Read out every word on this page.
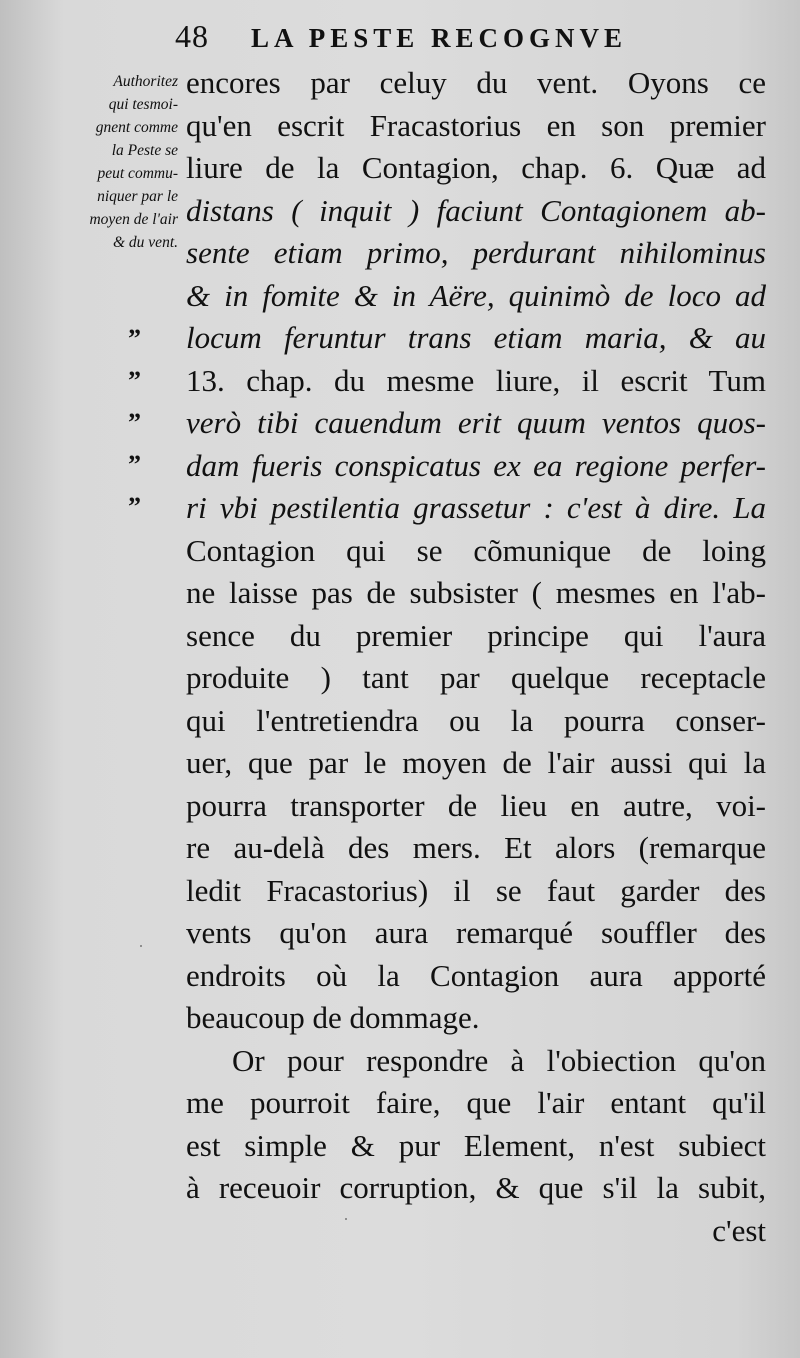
48 LA PESTE RECOGNVE
Authoritez
qui tesmoi-
gnent comme
la Peste se
peut commu-
niquer par le
moyen de l'air
& du vent.
”
”
”
”
”
encores par celuy du vent. Oyons ce
qu'en escrit Fracastorius en son premier
liure de la Contagion, chap. 6. Quæ ad
distans ( inquit ) faciunt Contagionem ab-
sente etiam primo, perdurant nihilominus
& in fomite & in Aëre, quinimò de loco ad
locum feruntur trans etiam maria, & au
13. chap. du mesme liure, il escrit Tum
verò tibi cauendum erit quum ventos quos-
dam fueris conspicatus ex ea regione perfer-
ri vbi pestilentia grassetur : c'est à dire. La
Contagion qui se cõmunique de loing
ne laisse pas de subsister ( mesmes en l'ab-
sence du premier principe qui l'aura
produite ) tant par quelque receptacle
qui l'entretiendra ou la pourra conser-
uer, que par le moyen de l'air aussi qui la
pourra transporter de lieu en autre, voi-
re au-delà des mers. Et alors (remarque
ledit Fracastorius) il se faut garder des
vents qu'on aura remarqué souffler des
endroits où la Contagion aura apporté
beaucoup de dommage.
Or pour respondre à l'obiection qu'on
me pourroit faire, que l'air entant qu'il
est simple & pur Element, n'est subiect
à receuoir corruption, & que s'il la subit,
c'est
